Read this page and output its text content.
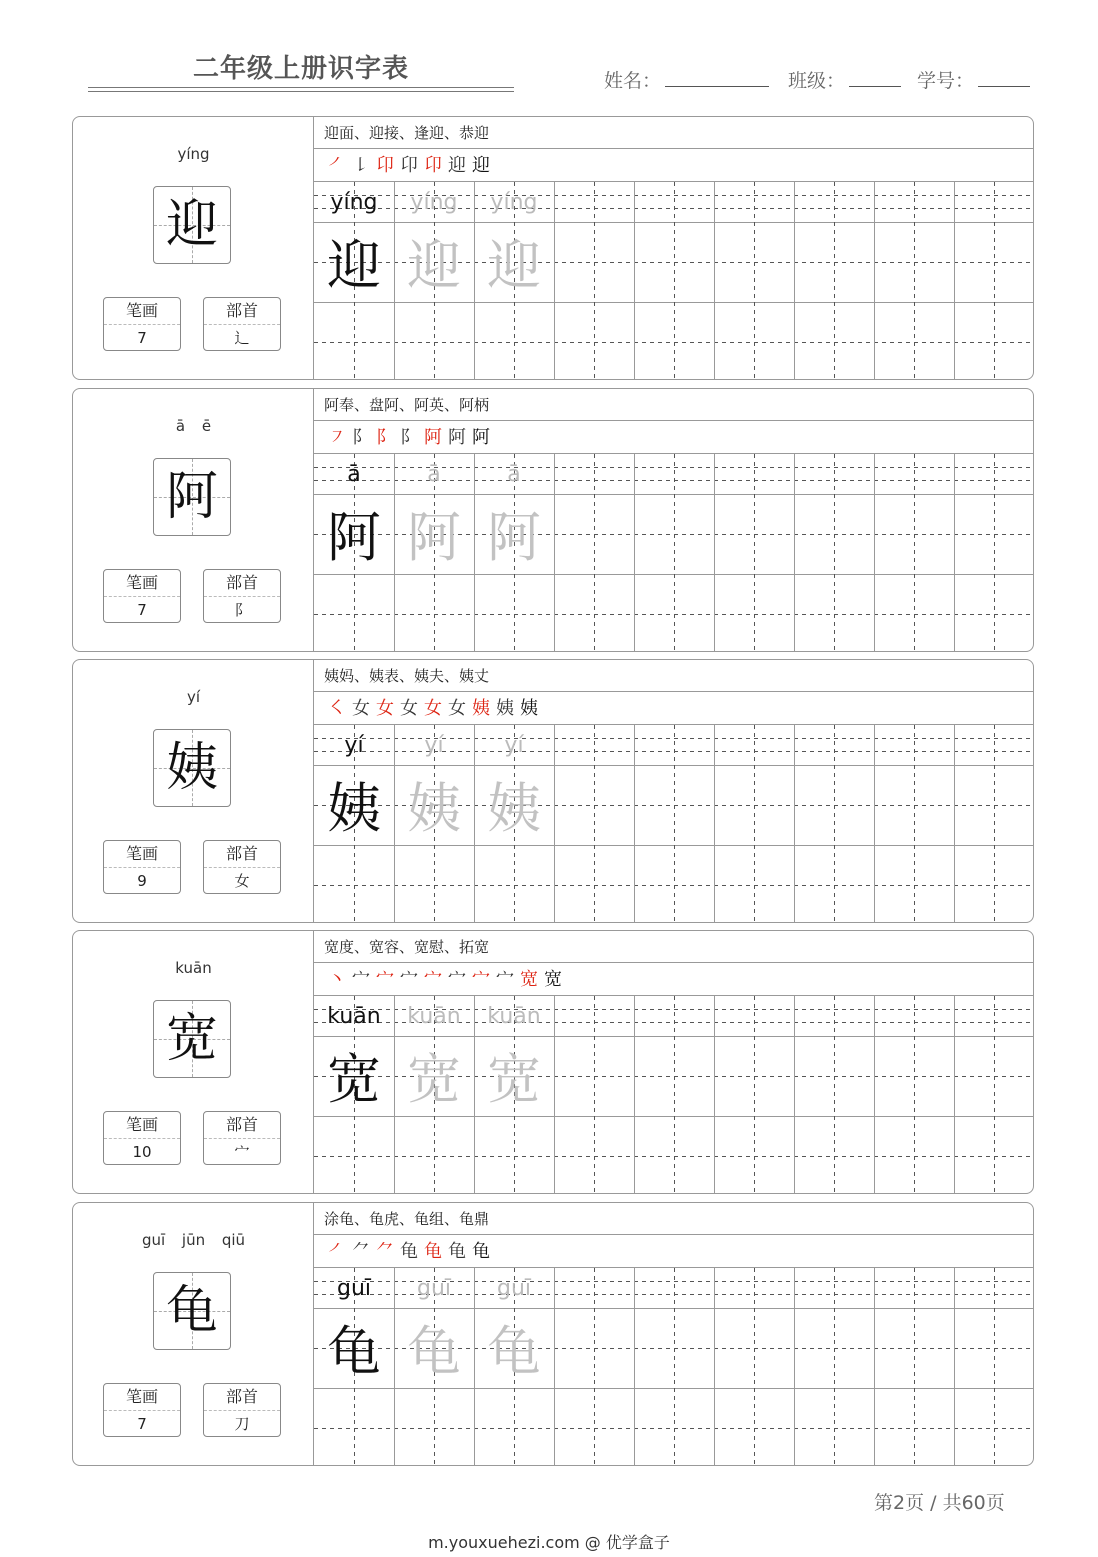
二年级上册识字表	姓名：	班级：	学号：
yíng
迎
笔画
7
部首
辶
迎面、迎接、逢迎、恭迎
㇒㇙卬卬卬迎迎
yíng	yíng	yíng
迎 迎 迎
ā ē
阿
笔画
7
部首
阝
阿奉、盘阿、阿英、阿柄
㇇阝阝阝阿阿阿
ā	ā	ā
阿 阿 阿
yí
姨
笔画
9
部首
女
姨妈、姨表、姨夫、姨丈
㇛女女女女女姨姨姨
yí	yí	yí
姨 姨 姨
kuān
宽
笔画
10
部首
宀
宽度、宽容、宽慰、拓宽
丶宀宀宀宀宀宀宀宽宽
kuān	kuān	kuān
宽 宽 宽
guī jūn qiū
龟
笔画
7
部首
刀
涂龟、龟虎、龟组、龟鼎
㇒⺈⺈龟龟龟龟
guī	guī	guī
龟 龟 龟
第2页 / 共60页
m.youxuehezi.com @ 优学盒子
